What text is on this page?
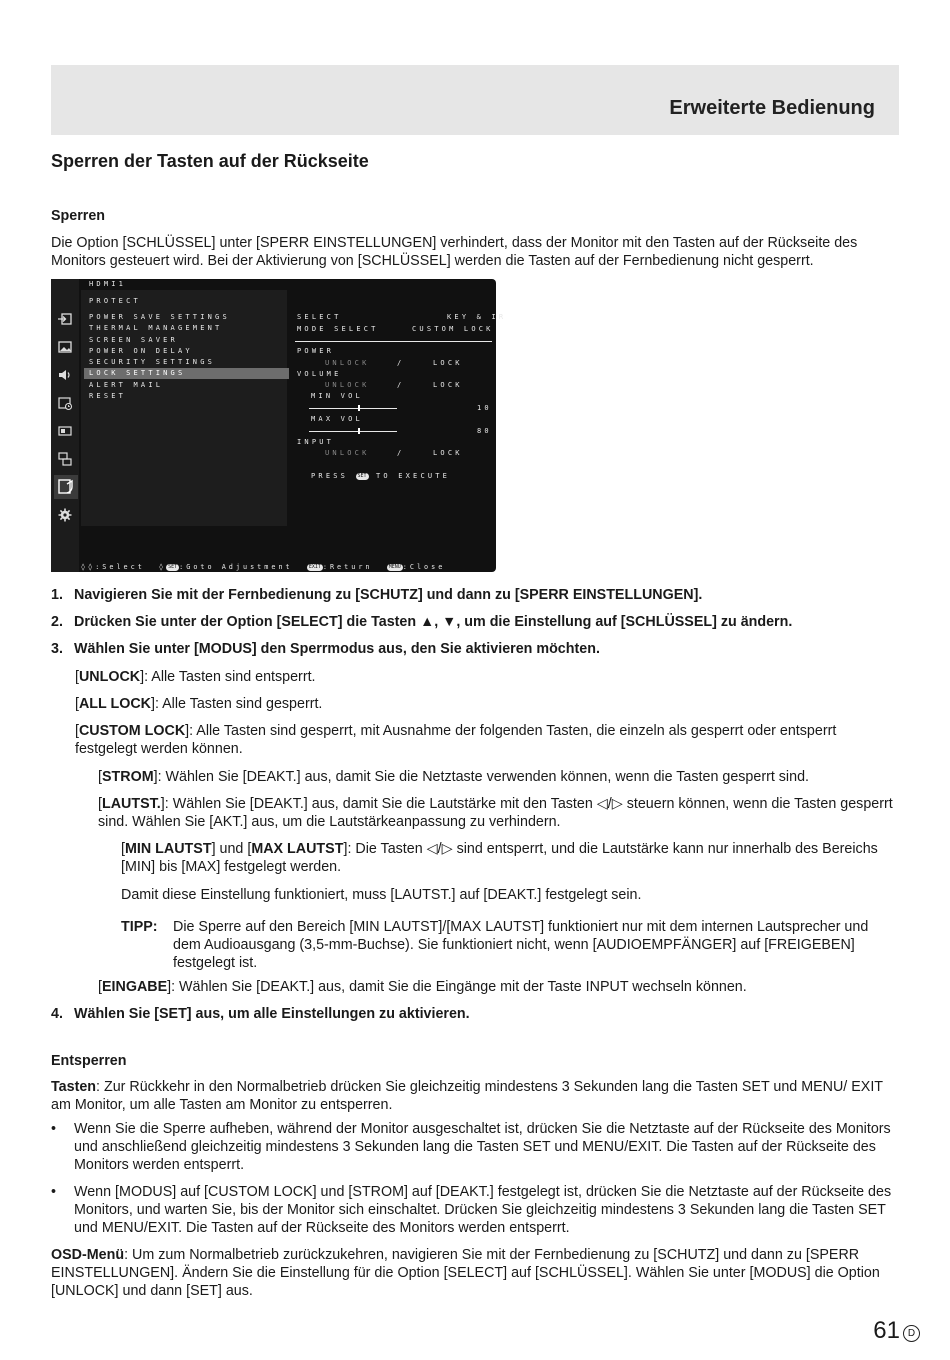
Erweiterte Bedienung
Sperren der Tasten auf der Rückseite
Sperren

Die Option [SCHLÜSSEL] unter [SPERR EINSTELLUNGEN] verhindert, dass der Monitor mit den Tasten auf der Rückseite des Monitors gesteuert wird. Bei der Aktivierung von [SCHLÜSSEL] werden die Tasten auf der Fernbedienung nicht gesperrt.

HDMI1
PROTECT
POWER SAVE SETTINGS
THERMAL MANAGEMENT
SCREEN SAVER
POWER ON DELAY
SECURITY SETTINGS
LOCK SETTINGS
ALERT MAIL
RESET
SELECT	KEY & IR
MODE SELECT	CUSTOM LOCK
POWER
UNLOCK	/	LOCK
VOLUME
UNLOCK	/	LOCK
MIN VOL
10
MAX VOL
80
INPUT
UNLOCK	/	LOCK
PRESS SET TO EXECUTE
◊◊:Select ◊ SET :Goto Adjustment	EXIT :Return	MENU :Close
1. Navigieren Sie mit der Fernbedienung zu [SCHUTZ] und dann zu [SPERR EINSTELLUNGEN].
2. Drücken Sie unter der Option [SELECT] die Tasten ▲, ▼, um die Einstellung auf [SCHLÜSSEL] zu ändern.
3. Wählen Sie unter [MODUS] den Sperrmodus aus, den Sie aktivieren möchten.

[UNLOCK]: Alle Tasten sind entsperrt.

[ALL LOCK]: Alle Tasten sind gesperrt.

[CUSTOM LOCK]: Alle Tasten sind gesperrt, mit Ausnahme der folgenden Tasten, die einzeln als gesperrt oder entsperrt festgelegt werden können.

[STROM]: Wählen Sie [DEAKT.] aus, damit Sie die Netztaste verwenden können, wenn die Tasten gesperrt sind.

[LAUTST.]: Wählen Sie [DEAKT.] aus, damit Sie die Lautstärke mit den Tasten ◁/▷ steuern können, wenn die Tasten gesperrt sind. Wählen Sie [AKT.] aus, um die Lautstärkeanpassung zu verhindern.

[MIN LAUTST] und [MAX LAUTST]: Die Tasten ◁/▷ sind entsperrt, und die Lautstärke kann nur innerhalb des Bereichs [MIN] bis [MAX] festgelegt werden.

Damit diese Einstellung funktioniert, muss [LAUTST.] auf [DEAKT.] festgelegt sein.

TIPP: Die Sperre auf den Bereich [MIN LAUTST]/[MAX LAUTST] funktioniert nur mit dem internen Lautsprecher und dem Audioausgang (3,5-mm-Buchse). Sie funktioniert nicht, wenn [AUDIOEMPFÄNGER] auf [FREIGEBEN] festgelegt ist.

[EINGABE]: Wählen Sie [DEAKT.] aus, damit Sie die Eingänge mit der Taste INPUT wechseln können.

4. Wählen Sie [SET] aus, um alle Einstellungen zu aktivieren.
Entsperren

Tasten: Zur Rückkehr in den Normalbetrieb drücken Sie gleichzeitig mindestens 3 Sekunden lang die Tasten SET und MENU/ EXIT am Monitor, um alle Tasten am Monitor zu entsperren.

• Wenn Sie die Sperre aufheben, während der Monitor ausgeschaltet ist, drücken Sie die Netztaste auf der Rückseite des Monitors und anschließend gleichzeitig mindestens 3 Sekunden lang die Tasten SET und MENU/EXIT. Die Tasten auf der Rückseite des Monitors werden entsperrt.

• Wenn [MODUS] auf [CUSTOM LOCK] und [STROM] auf [DEAKT.] festgelegt ist, drücken Sie die Netztaste auf der Rückseite des Monitors, und warten Sie, bis der Monitor sich einschaltet. Drücken Sie gleichzeitig mindestens 3 Sekunden lang die Tasten SET und MENU/EXIT. Die Tasten auf der Rückseite des Monitors werden entsperrt.

OSD-Menü: Um zum Normalbetrieb zurückzukehren, navigieren Sie mit der Fernbedienung zu [SCHUTZ] und dann zu [SPERR EINSTELLUNGEN]. Ändern Sie die Einstellung für die Option [SELECT] auf [SCHLÜSSEL]. Wählen Sie unter [MODUS] die Option [UNLOCK] und dann [SET] aus.

61 D
